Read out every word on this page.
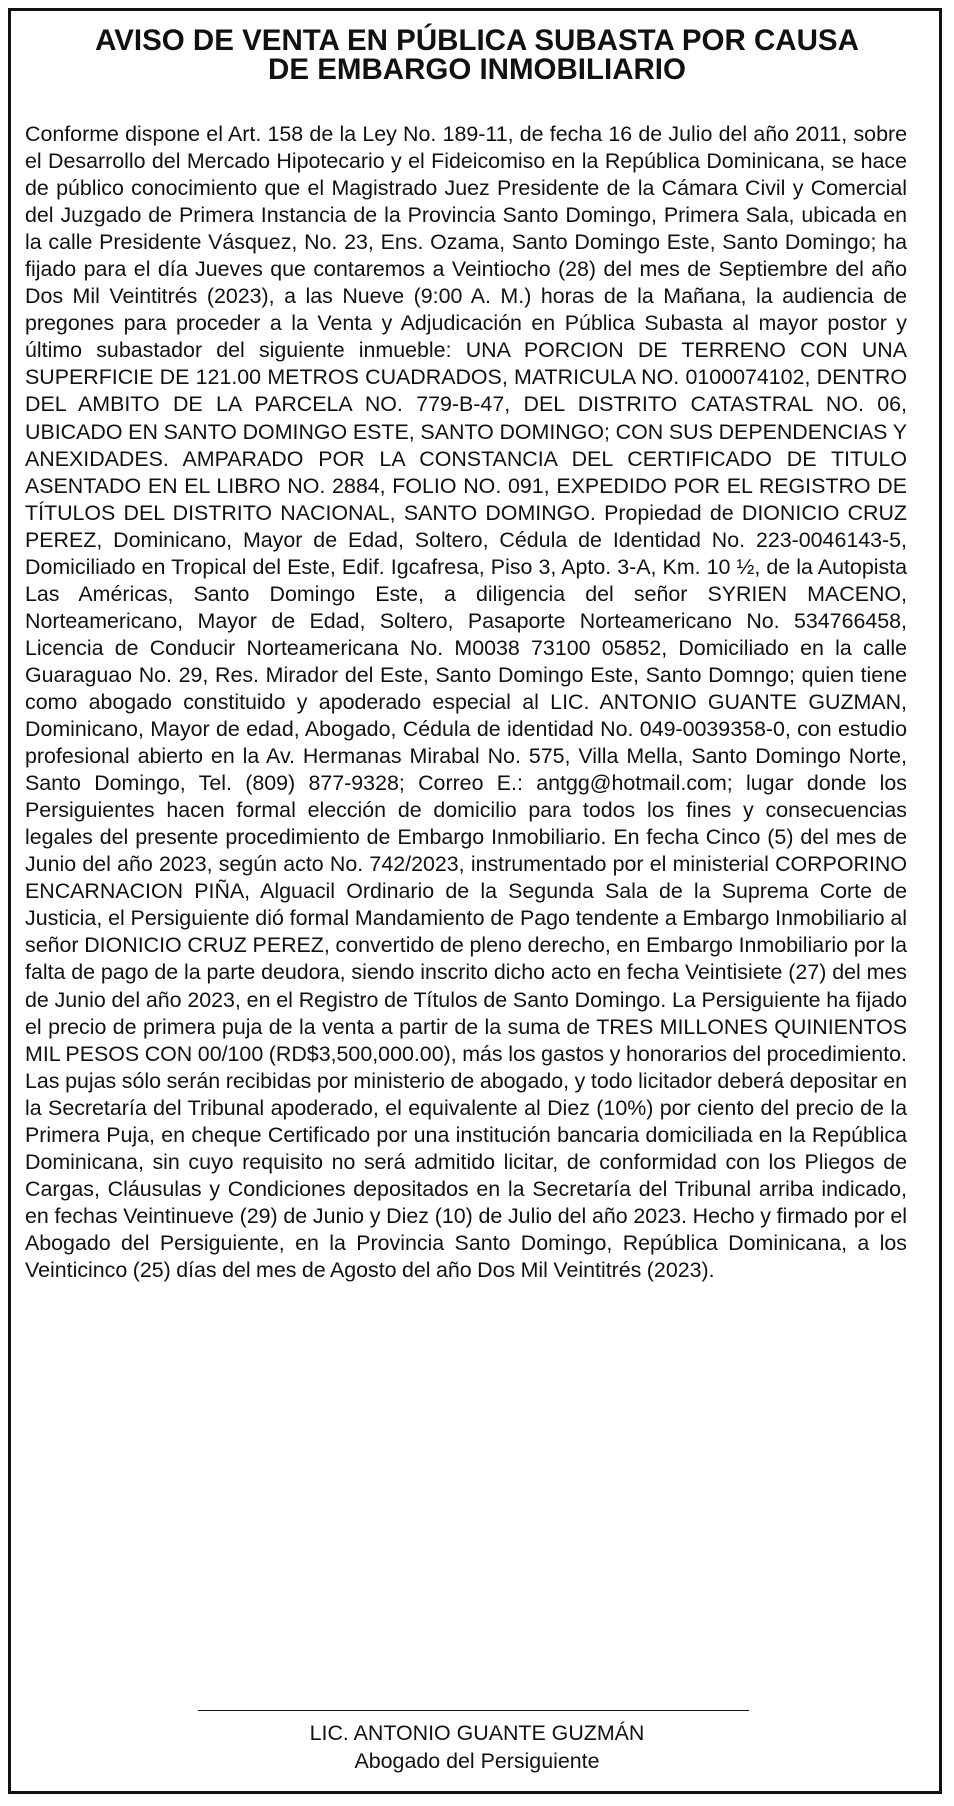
AVISO DE VENTA EN PÚBLICA SUBASTA POR CAUSA
DE EMBARGO INMOBILIARIO

Conforme dispone el Art. 158 de la Ley No. 189-11, de fecha 16 de Julio del año 2011, sobre el Desarrollo del Mercado Hipotecario y el Fideicomiso en la República Dominicana, se hace de público conocimiento que el Magistrado Juez Presidente de la Cámara Civil y Comercial del Juzgado de Primera Instancia de la Provincia Santo Domingo, Primera Sala, ubicada en la calle Presidente Vásquez, No. 23, Ens. Ozama, Santo Domingo Este, Santo Domingo; ha fijado para el día Jueves que contaremos a Veintiocho (28) del mes de Septiembre del año Dos Mil Veintitrés (2023), a las Nueve (9:00 A. M.) horas de la Mañana, la audiencia de pregones para proceder a la Venta y Adjudicación en Pública Subasta al mayor postor y último subastador del siguiente inmueble: UNA PORCION DE TERRENO CON UNA SUPERFICIE DE 121.00 METROS CUADRADOS, MATRICULA NO. 0100074102, DENTRO DEL AMBITO DE LA PARCELA NO. 779-B-47, DEL DISTRITO CATASTRAL NO. 06, UBICADO EN SANTO DOMINGO ESTE, SANTO DOMINGO; CON SUS DEPENDENCIAS Y ANEXIDADES. AMPARADO POR LA CONSTANCIA DEL CERTIFICADO DE TITULO ASENTADO EN EL LIBRO NO. 2884, FOLIO NO. 091, EXPEDIDO POR EL REGISTRO DE TÍTULOS DEL DISTRITO NACIONAL, SANTO DOMINGO. Propiedad de DIONICIO CRUZ PEREZ, Dominicano, Mayor de Edad, Soltero, Cédula de Identidad No. 223-0046143-5, Domiciliado en Tropical del Este, Edif. Igcafresa, Piso 3, Apto. 3-A, Km. 10 ½, de la Autopista Las Américas, Santo Domingo Este, a diligencia del señor SYRIEN MACENO, Norteamericano, Mayor de Edad, Soltero, Pasaporte Norteamericano No. 534766458, Licencia de Conducir Norteamericana No. M0038 73100 05852, Domiciliado en la calle Guaraguao No. 29, Res. Mirador del Este, Santo Domingo Este, Santo Domngo; quien tiene como abogado constituido y apoderado especial al LIC. ANTONIO GUANTE GUZMAN, Dominicano, Mayor de edad, Abogado, Cédula de identidad No. 049-0039358-0, con estudio profesional abierto en la Av. Hermanas Mirabal No. 575, Villa Mella, Santo Domingo Norte, Santo Domingo, Tel. (809) 877-9328; Correo E.: antgg@hotmail.com; lugar donde los Persiguientes hacen formal elección de domicilio para todos los fines y consecuencias legales del presente procedimiento de Embargo Inmobiliario. En fecha Cinco (5) del mes de Junio del año 2023, según acto No. 742/2023, instrumentado por el ministerial CORPORINO ENCARNACION PIÑA, Alguacil Ordinario de la Segunda Sala de la Suprema Corte de Justicia, el Persiguiente dió formal Mandamiento de Pago tendente a Embargo Inmobiliario al señor DIONICIO CRUZ PEREZ, convertido de pleno derecho, en Embargo Inmobiliario por la falta de pago de la parte deudora, siendo inscrito dicho acto en fecha Veintisiete (27) del mes de Junio del año 2023, en el Registro de Títulos de Santo Domingo. La Persiguiente ha fijado el precio de primera puja de la venta a partir de la suma de TRES MILLONES QUINIENTOS MIL PESOS CON 00/100 (RD$3,500,000.00), más los gastos y honorarios del procedimiento. Las pujas sólo serán recibidas por ministerio de abogado, y todo licitador deberá depositar en la Secretaría del Tribunal apoderado, el equivalente al Diez (10%) por ciento del precio de la Primera Puja, en cheque Certificado por una institución bancaria domiciliada en la República Dominicana, sin cuyo requisito no será admitido licitar, de conformidad con los Pliegos de Cargas, Cláusulas y Condiciones depositados en la Secretaría del Tribunal arriba indicado, en fechas Veintinueve (29) de Junio y Diez (10) de Julio del año 2023. Hecho y firmado por el Abogado del Persiguiente, en la Provincia Santo Domingo, República Dominicana, a los Veinticinco (25) días del mes de Agosto del año Dos Mil Veintitrés (2023).

LIC. ANTONIO GUANTE GUZMÁN

Abogado del Persiguiente
